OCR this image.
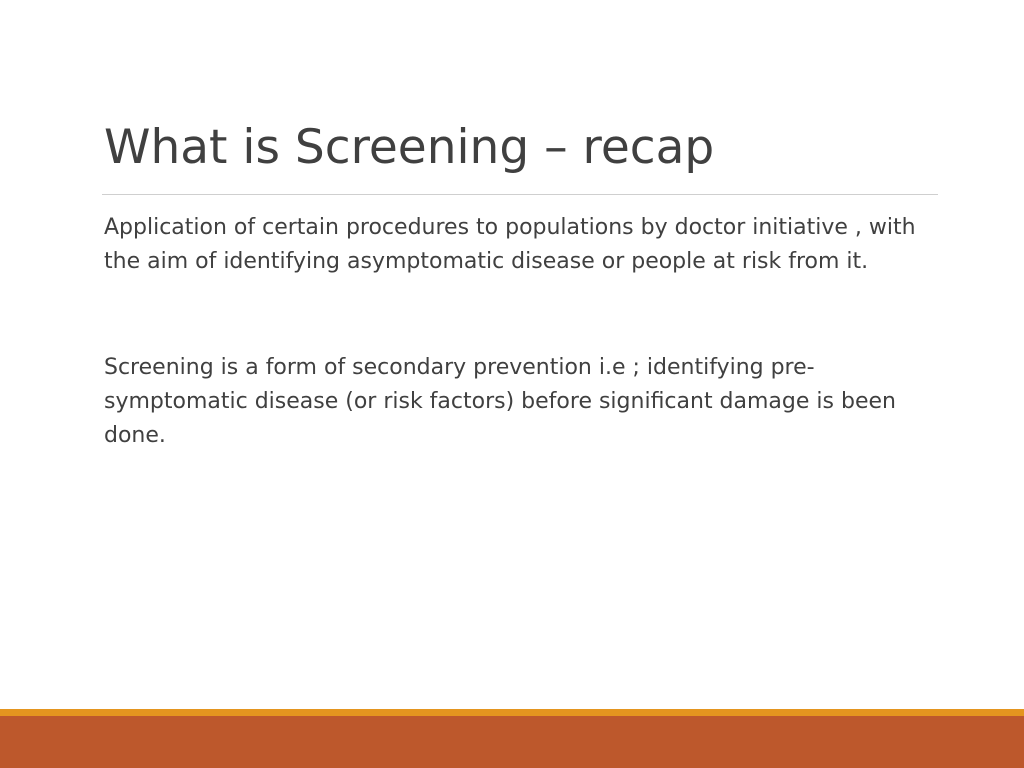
What is Screening – recap

Application of certain procedures to populations by doctor initiative , with the aim of identifying asymptomatic disease or people at risk from it.

Screening is a form of secondary prevention i.e ; identifying pre-symptomatic disease (or risk factors) before significant damage is been done.
